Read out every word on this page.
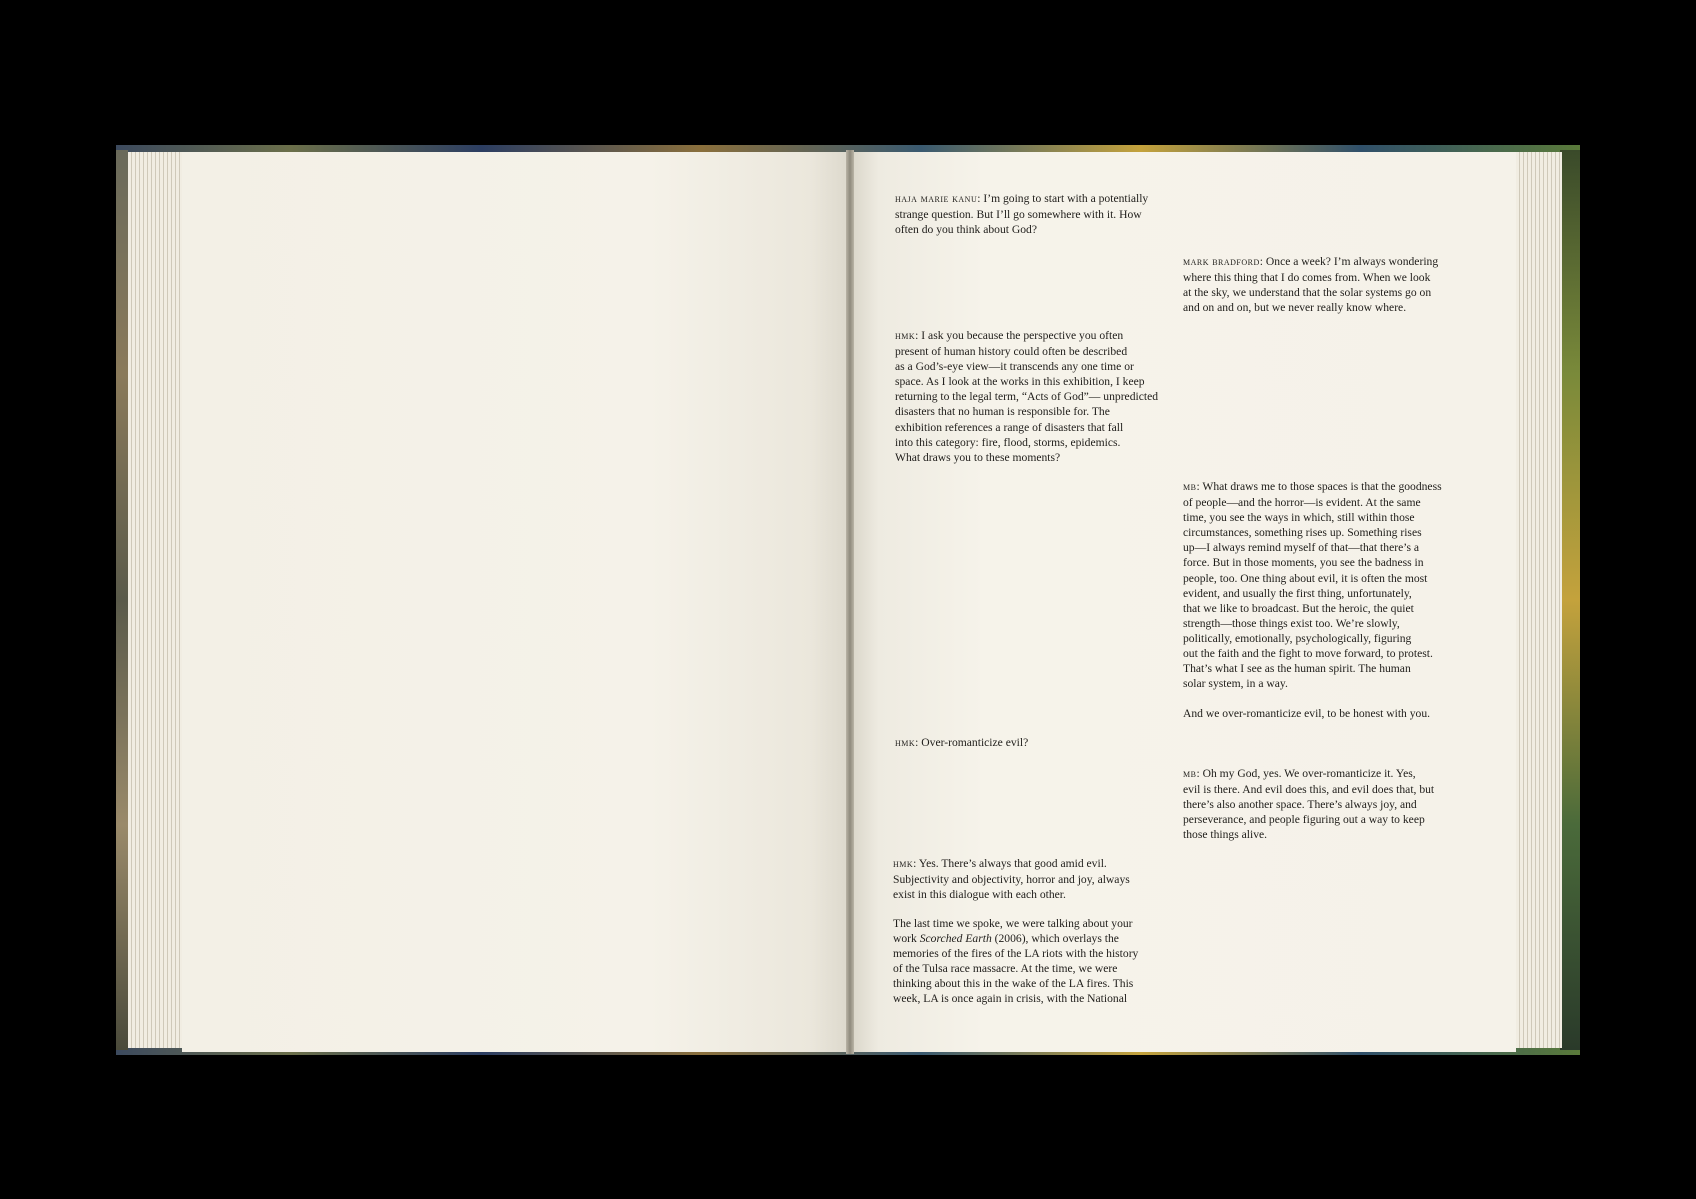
haja marie kanu: I’m going to start with a potentially
strange question. But I’ll go somewhere with it. How
often do you think about God?
mark bradford: Once a week? I’m always wondering
where this thing that I do comes from. When we look
at the sky, we understand that the solar systems go on
and on and on, but we never really know where.
hmk: I ask you because the perspective you often
present of human history could often be described
as a God’s-eye view—it transcends any one time or
space. As I look at the works in this exhibition, I keep
returning to the legal term, “Acts of God”— unpredicted
disasters that no human is responsible for. The
exhibition references a range of disasters that fall
into this category: fire, flood, storms, epidemics.
What draws you to these moments?
mb: What draws me to those spaces is that the goodness
of people—and the horror—is evident. At the same
time, you see the ways in which, still within those
circumstances, something rises up. Something rises
up—I always remind myself of that—that there’s a
force. But in those moments, you see the badness in
people, too. One thing about evil, it is often the most
evident, and usually the first thing, unfortunately,
that we like to broadcast. But the heroic, the quiet
strength—those things exist too. We’re slowly,
politically, emotionally, psychologically, figuring
out the faith and the fight to move forward, to protest.
That’s what I see as the human spirit. The human
solar system, in a way.

And we over-romanticize evil, to be honest with you.
hmk: Over-romanticize evil?
mb: Oh my God, yes. We over-romanticize it. Yes,
evil is there. And evil does this, and evil does that, but
there’s also another space. There’s always joy, and
perseverance, and people figuring out a way to keep
those things alive.
hmk: Yes. There’s always that good amid evil.
Subjectivity and objectivity, horror and joy, always
exist in this dialogue with each other.
The last time we spoke, we were talking about your
work Scorched Earth (2006), which overlays the
memories of the fires of the LA riots with the history
of the Tulsa race massacre. At the time, we were
thinking about this in the wake of the LA fires. This
week, LA is once again in crisis, with the National
